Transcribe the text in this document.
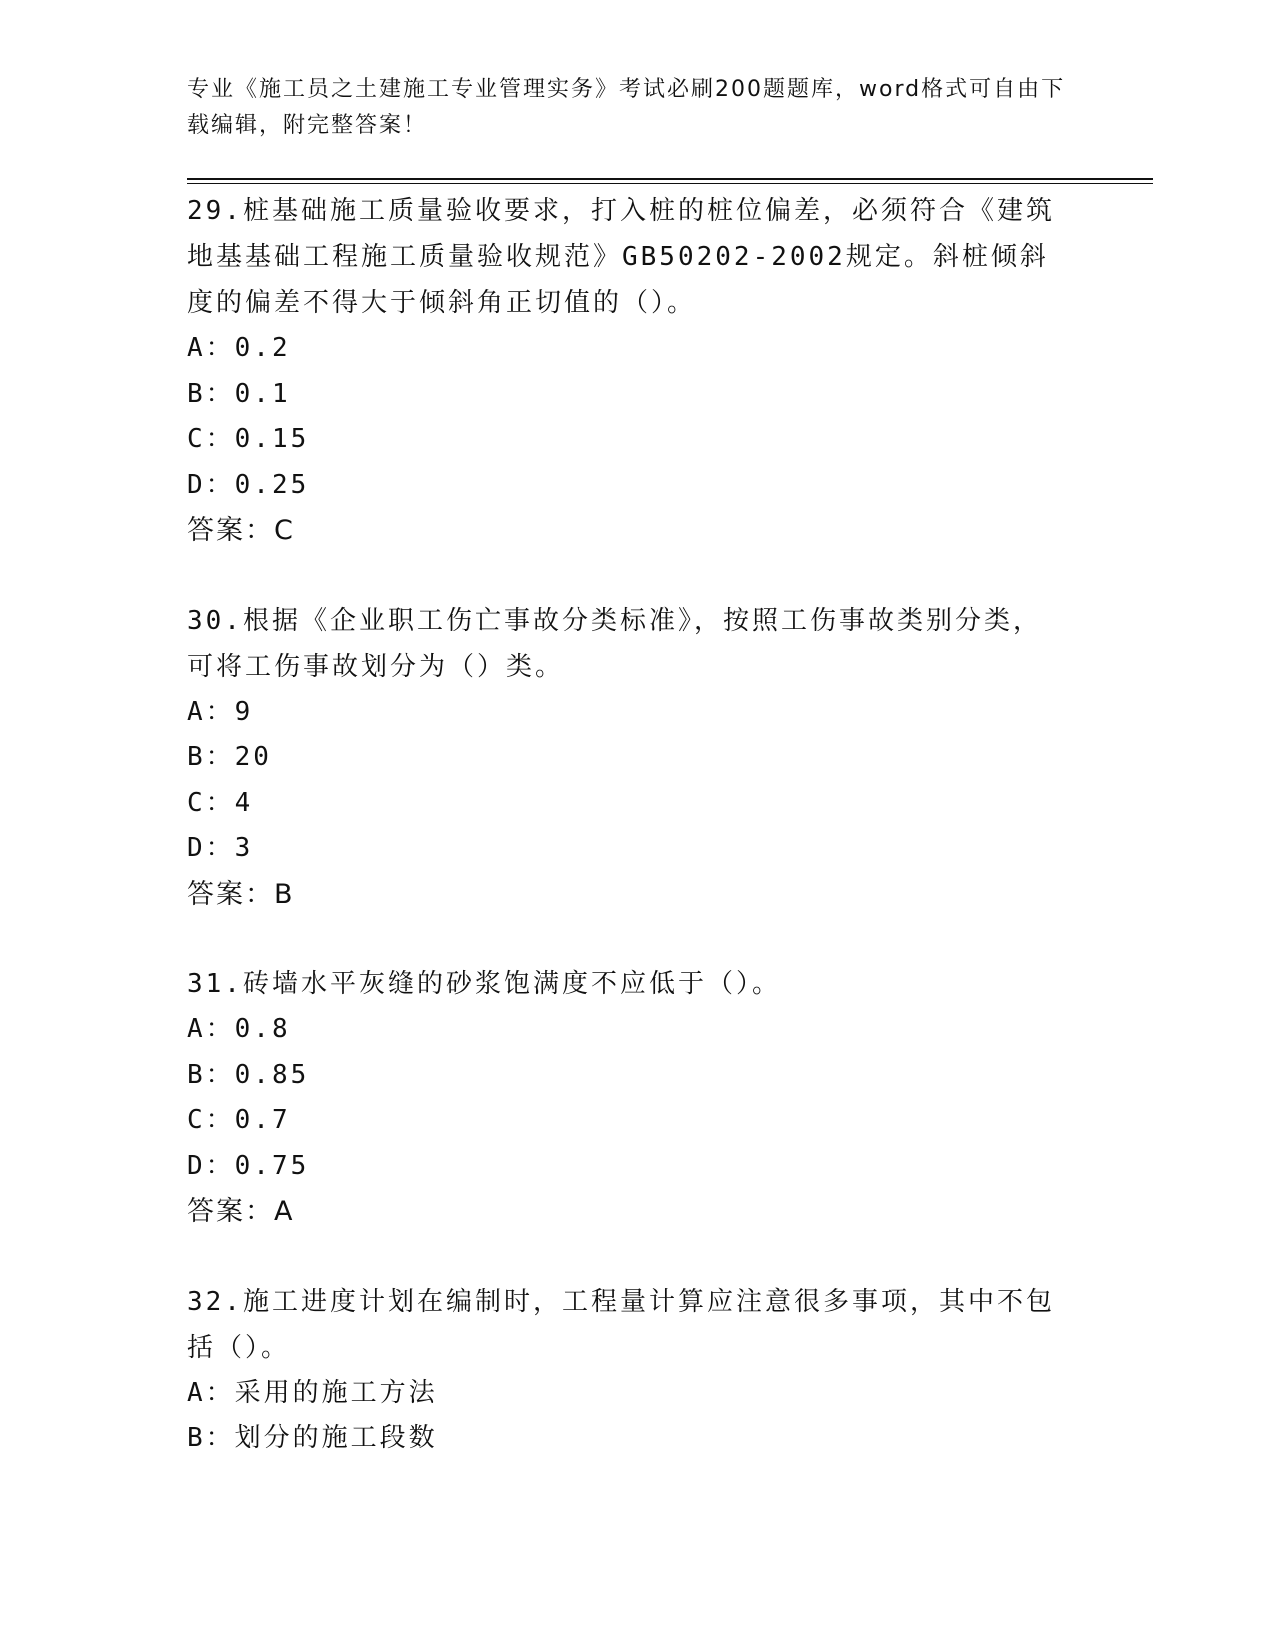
专业《施工员之土建施工专业管理实务》考试必刷200题题库，word格式可自由下载编辑，附完整答案！

29.桩基础施工质量验收要求，打入桩的桩位偏差，必须符合《建筑地基基础工程施工质量验收规范》GB50202-2002规定。斜桩倾斜度的偏差不得大于倾斜角正切值的（）。

A：0.2

B：0.1

C：0.15

D：0.25

答案：C

30.根据《企业职工伤亡事故分类标准》，按照工伤事故类别分类，可将工伤事故划分为（）类。

A：9

B：20

C：4

D：3

答案：B

31.砖墙水平灰缝的砂浆饱满度不应低于（）。

A：0.8

B：0.85

C：0.7

D：0.75

答案：A

32.施工进度计划在编制时，工程量计算应注意很多事项，其中不包括（）。

A：采用的施工方法

B：划分的施工段数
